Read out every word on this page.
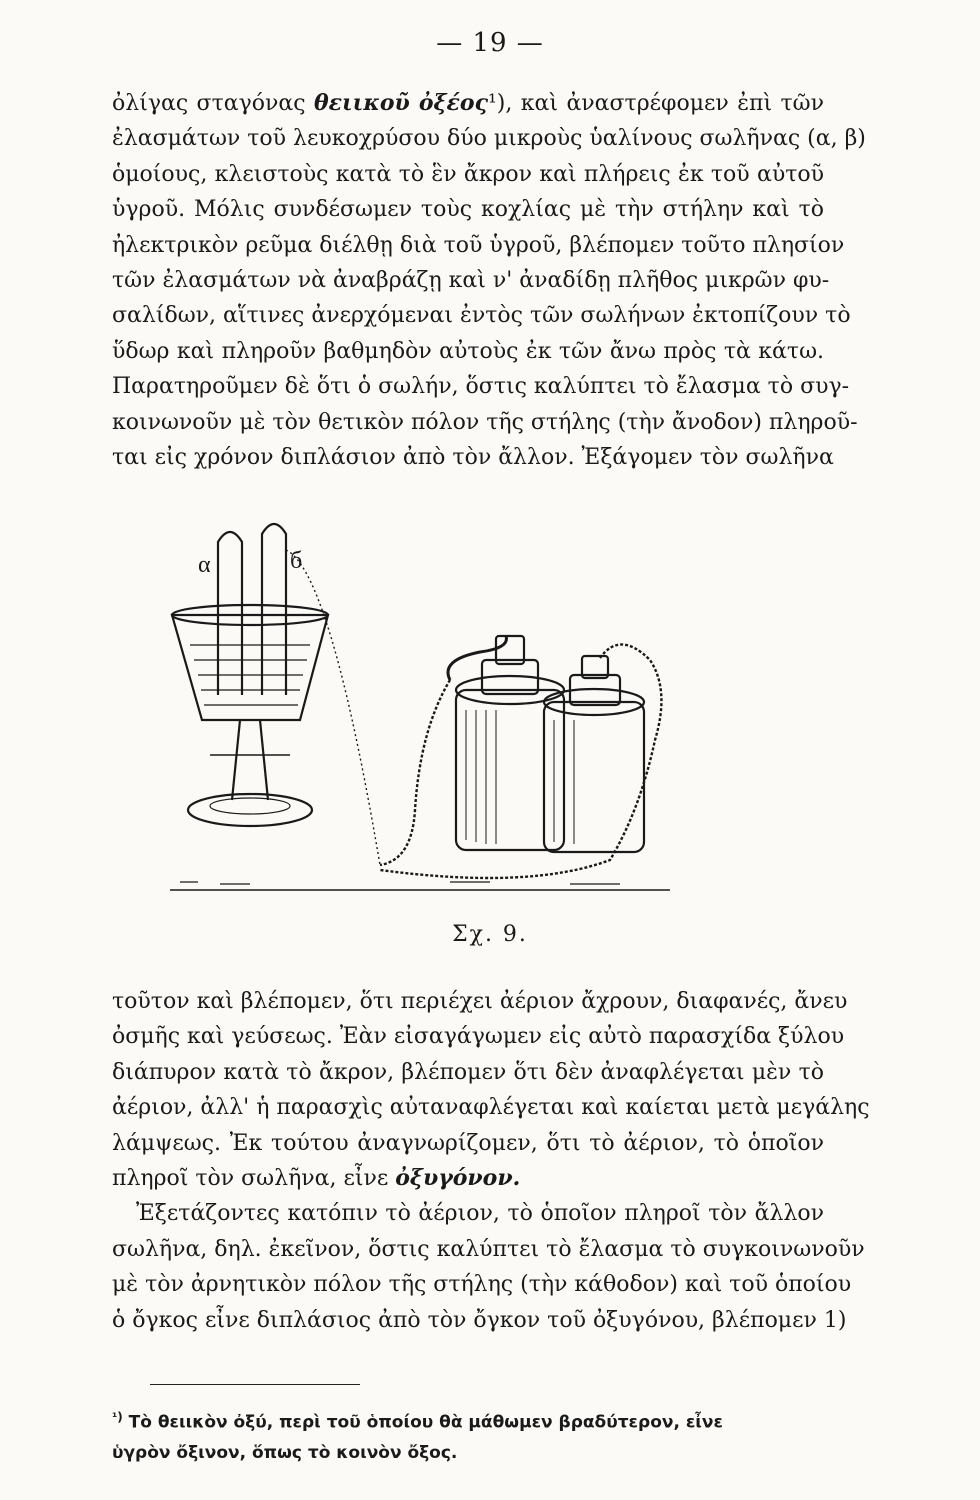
— 19 —
ὀλίγας σταγόνας θειικοῦ ὀξέος¹), καὶ ἀναστρέφομεν ἐπὶ τῶν
ἐλασμάτων τοῦ λευκοχρύσου δύο μικροὺς ὑαλίνους σωλῆνας (α, β)
ὁμοίους, κλειστοὺς κατὰ τὸ ἓν ἄκρον καὶ πλήρεις ἐκ τοῦ αὐτοῦ
ὑγροῦ. Μόλις συνδέσωμεν τοὺς κοχλίας μὲ τὴν στήλην καὶ τὸ
ἠλεκτρικὸν ρεῦμα διέλθῃ διὰ τοῦ ὑγροῦ, βλέπομεν τοῦτο πλησίον
τῶν ἐλασμάτων νὰ ἀναβράζῃ καὶ ν' ἀναδίδῃ πλῆθος μικρῶν φυ-
σαλίδων, αἵτινες ἀνερχόμεναι ἐντὸς τῶν σωλήνων ἐκτοπίζουν τὸ
ὕδωρ καὶ πληροῦν βαθμηδὸν αὐτοὺς ἐκ τῶν ἄνω πρὸς τὰ κάτω.
Παρατηροῦμεν δὲ ὅτι ὁ σωλήν, ὅστις καλύπτει τὸ ἔλασμα τὸ συγ-
κοινωνοῦν μὲ τὸν θετικὸν πόλον τῆς στήλης (τὴν ἄνοδον) πληροῦ-
ται εἰς χρόνον διπλάσιον ἀπὸ τὸν ἄλλον. Ἐξάγομεν τὸν σωλῆνα
α	б
Σχ. 9.
τοῦτον καὶ βλέπομεν, ὅτι περιέχει ἀέριον ἄχρουν, διαφανές, ἄνευ
ὀσμῆς καὶ γεύσεως. Ἐὰν εἰσαγάγωμεν εἰς αὐτὸ παρασχίδα ξύλου
διάπυρον κατὰ τὸ ἄκρον, βλέπομεν ὅτι δὲν ἀναφλέγεται μὲν τὸ
ἀέριον, ἀλλ' ἡ παρασχὶς αὐταναφλέγεται καὶ καίεται μετὰ μεγάλης
λάμψεως. Ἐκ τούτου ἀναγνωρίζομεν, ὅτι τὸ ἀέριον, τὸ ὁποῖον
πληροῖ τὸν σωλῆνα, εἶνε ὀξυγόνον.
Ἐξετάζοντες κατόπιν τὸ ἀέριον, τὸ ὁποῖον πληροῖ τὸν ἄλλον
σωλῆνα, δηλ. ἐκεῖνον, ὅστις καλύπτει τὸ ἔλασμα τὸ συγκοινωνοῦν
μὲ τὸν ἀρνητικὸν πόλον τῆς στήλης (τὴν κάθοδον) καὶ τοῦ ὁποίου
ὁ ὄγκος εἶνε διπλάσιος ἀπὸ τὸν ὄγκον τοῦ ὀξυγόνου, βλέπομεν 1)
$^{^1)}$ Τὸ θειικὸν ὀξύ, περὶ τοῦ ὁποίου θὰ μάθωμεν βραδύτερον, εἶνε
ὑγρὸν ὄξινον, ὅπως τὸ κοινὸν ὄξος.
